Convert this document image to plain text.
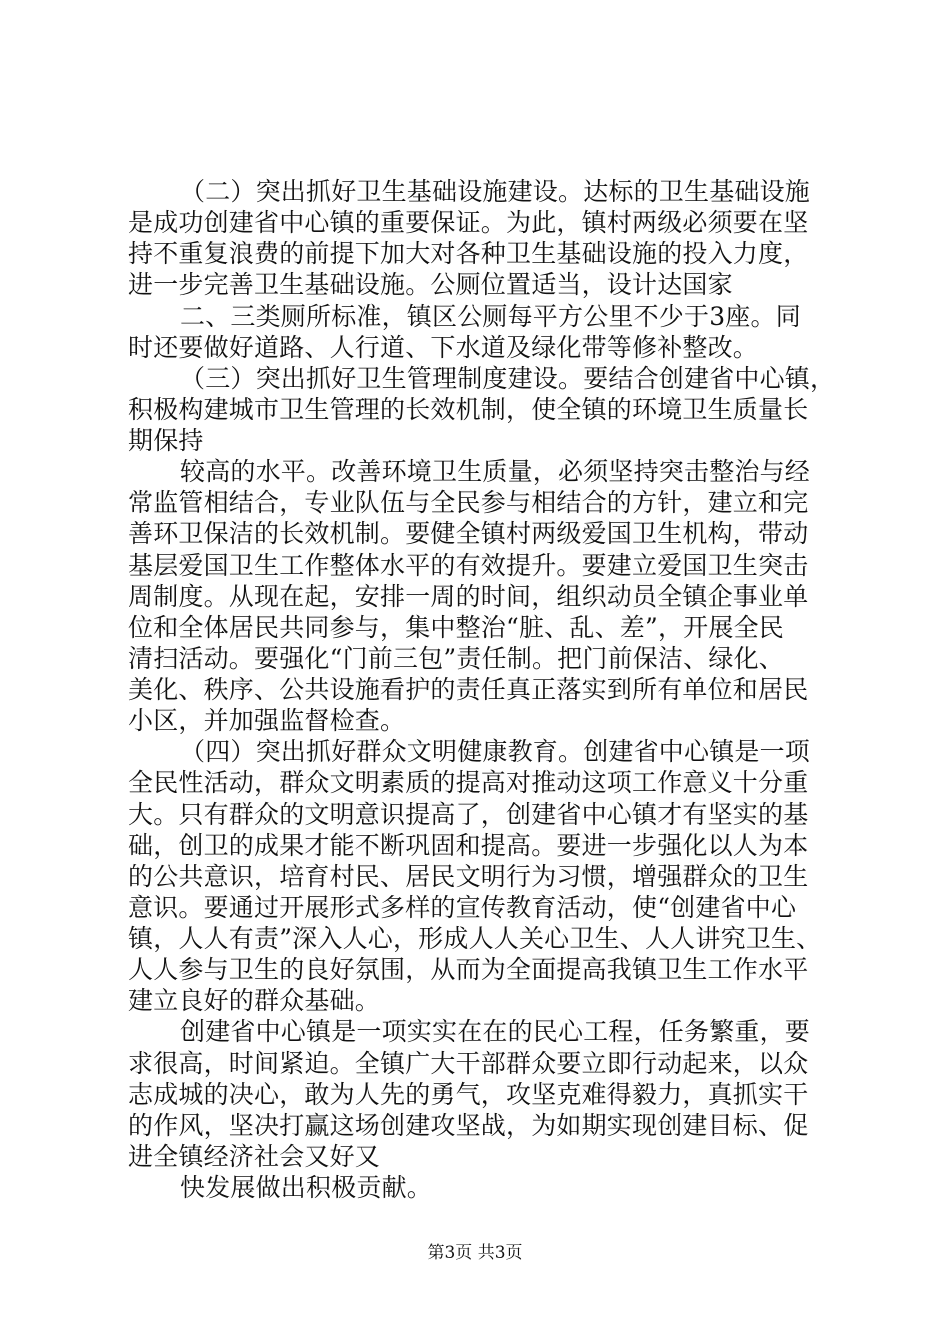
（二）突出抓好卫生基础设施建设。达标的卫生基础设施
是成功创建省中心镇的重要保证。为此，镇村两级必须要在坚
持不重复浪费的前提下加大对各种卫生基础设施的投入力度，
进一步完善卫生基础设施。公厕位置适当，设计达国家
二、三类厕所标准，镇区公厕每平方公里不少于3座。同
时还要做好道路、人行道、下水道及绿化带等修补整改。
（三）突出抓好卫生管理制度建设。要结合创建省中心镇，
积极构建城市卫生管理的长效机制，使全镇的环境卫生质量长
期保持
较高的水平。改善环境卫生质量，必须坚持突击整治与经
常监管相结合，专业队伍与全民参与相结合的方针，建立和完
善环卫保洁的长效机制。要健全镇村两级爱国卫生机构，带动
基层爱国卫生工作整体水平的有效提升。要建立爱国卫生突击
周制度。从现在起，安排一周的时间，组织动员全镇企事业单
位和全体居民共同参与，集中整治“脏、乱、差”，开展全民
清扫活动。要强化“门前三包”责任制。把门前保洁、绿化、
美化、秩序、公共设施看护的责任真正落实到所有单位和居民
小区，并加强监督检查。
（四）突出抓好群众文明健康教育。创建省中心镇是一项
全民性活动，群众文明素质的提高对推动这项工作意义十分重
大。只有群众的文明意识提高了，创建省中心镇才有坚实的基
础，创卫的成果才能不断巩固和提高。要进一步强化以人为本
的公共意识，培育村民、居民文明行为习惯，增强群众的卫生
意识。要通过开展形式多样的宣传教育活动，使“创建省中心
镇，人人有责”深入人心，形成人人关心卫生、人人讲究卫生、
人人参与卫生的良好氛围，从而为全面提高我镇卫生工作水平
建立良好的群众基础。
创建省中心镇是一项实实在在的民心工程，任务繁重，要
求很高，时间紧迫。全镇广大干部群众要立即行动起来，以众
志成城的决心，敢为人先的勇气，攻坚克难得毅力，真抓实干
的作风，坚决打赢这场创建攻坚战，为如期实现创建目标、促
进全镇经济社会又好又
快发展做出积极贡献。
第3页 共3页
